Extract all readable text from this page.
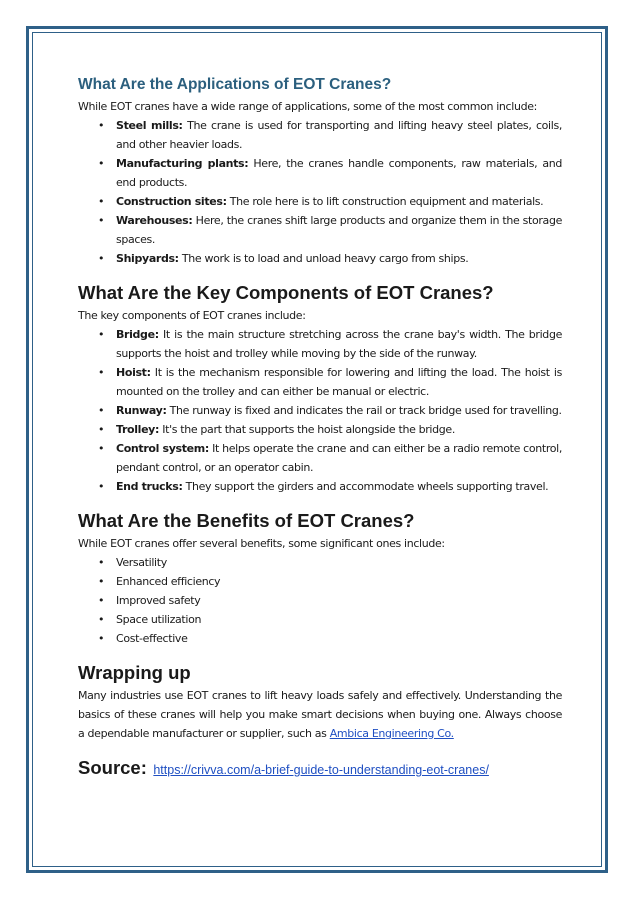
What Are the Applications of EOT Cranes?

While EOT cranes have a wide range of applications, some of the most common include:

• Steel mills: The crane is used for transporting and lifting heavy steel plates, coils, and other heavier loads.
• Manufacturing plants: Here, the cranes handle components, raw materials, and end products.
• Construction sites: The role here is to lift construction equipment and materials.
• Warehouses: Here, the cranes shift large products and organize them in the storage spaces.
• Shipyards: The work is to load and unload heavy cargo from ships.
What Are the Key Components of EOT Cranes?

The key components of EOT cranes include:

• Bridge: It is the main structure stretching across the crane bay's width. The bridge supports the hoist and trolley while moving by the side of the runway.
• Hoist: It is the mechanism responsible for lowering and lifting the load. The hoist is mounted on the trolley and can either be manual or electric.
• Runway: The runway is fixed and indicates the rail or track bridge used for travelling.
• Trolley: It's the part that supports the hoist alongside the bridge.
• Control system: It helps operate the crane and can either be a radio remote control, pendant control, or an operator cabin.
• End trucks: They support the girders and accommodate wheels supporting travel.
What Are the Benefits of EOT Cranes?

While EOT cranes offer several benefits, some significant ones include:

• Versatility
• Enhanced efficiency
• Improved safety
• Space utilization
• Cost-effective
Wrapping up

Many industries use EOT cranes to lift heavy loads safely and effectively. Understanding the basics of these cranes will help you make smart decisions when buying one. Always choose a dependable manufacturer or supplier, such as Ambica Engineering Co.

Source: https://crivva.com/a-brief-guide-to-understanding-eot-cranes/
